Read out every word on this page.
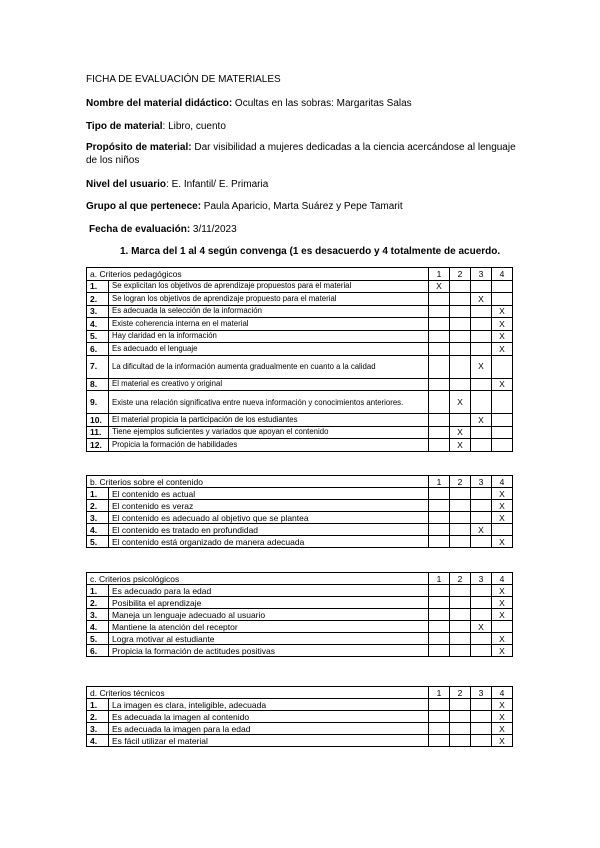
FICHA DE EVALUACIÓN DE MATERIALES
Nombre del material didáctico: Ocultas en las sobras: Margaritas Salas
Tipo de material: Libro, cuento
Propósito de material: Dar visibilidad a mujeres dedicadas a la ciencia acercándose al lenguaje de los niños
Nivel del usuario: E. Infantil/ E. Primaria
Grupo al que pertenece: Paula Aparicio, Marta Suárez y Pepe Tamarit
Fecha de evaluación: 3/11/2023
1. Marca del 1 al 4 según convenga (1 es desacuerdo y 4 totalmente de acuerdo.
a. Criterios pedagógicos		1	2	3	4
1.	Se explicitan los objetivos de aprendizaje propuestos para el material	X			
2.	Se logran los objetivos de aprendizaje propuesto para el material			X	
3.	Es adecuada la selección de la información				X
4.	Existe coherencia interna en el material				X
5.	Hay claridad en la información				X
6.	Es adecuado el lenguaje				X
7.	La dificultad de la información aumenta gradualmente en cuanto a la calidad			X	
8.	El material es creativo y original				X
9.	Existe una relación significativa entre nueva información y conocimientos anteriores.		X		
10.	El material propicia la participación de los estudiantes			X	
11.	Tiene ejemplos suficientes y variados que apoyan el contenido		X		
12.	Propicia la formación de habilidades		X		
b. Criterios sobre el contenido		1	2	3	4
1.	El contenido es actual				X
2.	El contenido es veraz				X
3.	El contenido es adecuado al objetivo que se plantea				X
4.	El contenido es tratado en profundidad			X	
5.	El contenido está organizado de manera adecuada				X
c. Criterios psicológicos		1	2	3	4
1.	Es adecuado para la edad				X
2.	Posibilita el aprendizaje				X
3.	Maneja un lenguaje adecuado al usuario				X
4.	Mantiene la atención del receptor			X	
5.	Logra motivar al estudiante				X
6.	Propicia la formación de actitudes positivas				X
d. Criterios técnicos		1	2	3	4
1.	La imagen es clara, inteligible, adecuada				X
2.	Es adecuada la imagen al contenido				X
3.	Es adecuada la imagen para la edad				X
4.	Es fácil utilizar el material				X
